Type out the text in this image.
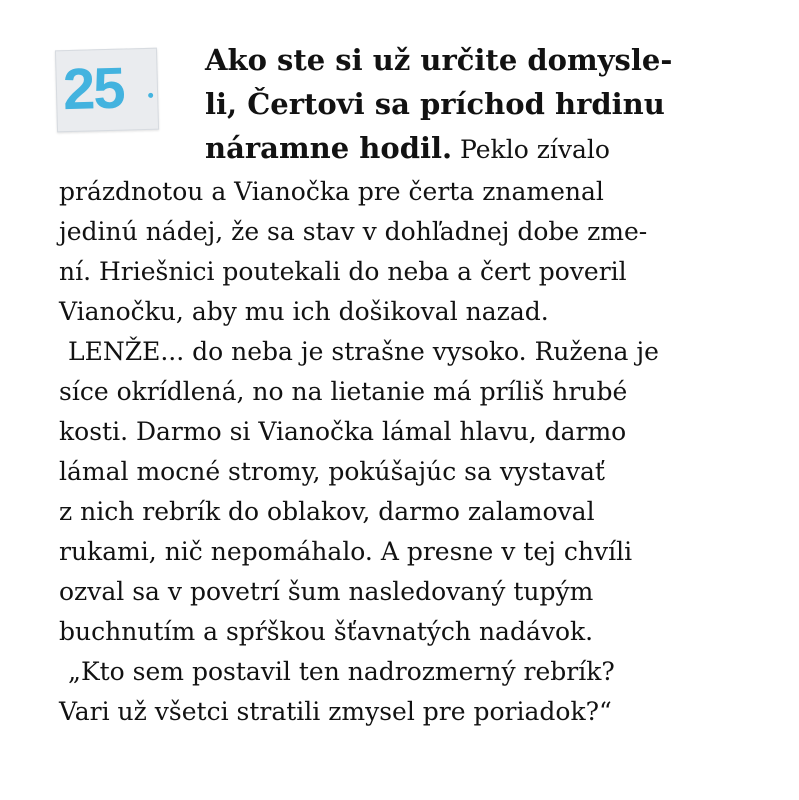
25	Ako ste si už určite domysle-
li, Čertovi sa príchod hrdinu
náramne hodil. Peklo zívalo
prázdnotou a Vianočka pre čerta znamenal
jedinú nádej, že sa stav v dohľadnej dobe zme-
ní. Hriešnici poutekali do neba a čert poveril
Vianočku, aby mu ich došikoval nazad.
LENŽE... do neba je strašne vysoko. Ružena je
síce okrídlená, no na lietanie má príliš hrubé
kosti. Darmo si Vianočka lámal hlavu, darmo
lámal mocné stromy, pokúšajúc sa vystavať
z nich rebrík do oblakov, darmo zalamoval
rukami, nič nepomáhalo. A presne v tej chvíli
ozval sa v povetrí šum nasledovaný tupým
buchnutím a spŕškou šťavnatých nadávok.
„Kto sem postavil ten nadrozmerný rebrík?
Vari už všetci stratili zmysel pre poriadok?“
